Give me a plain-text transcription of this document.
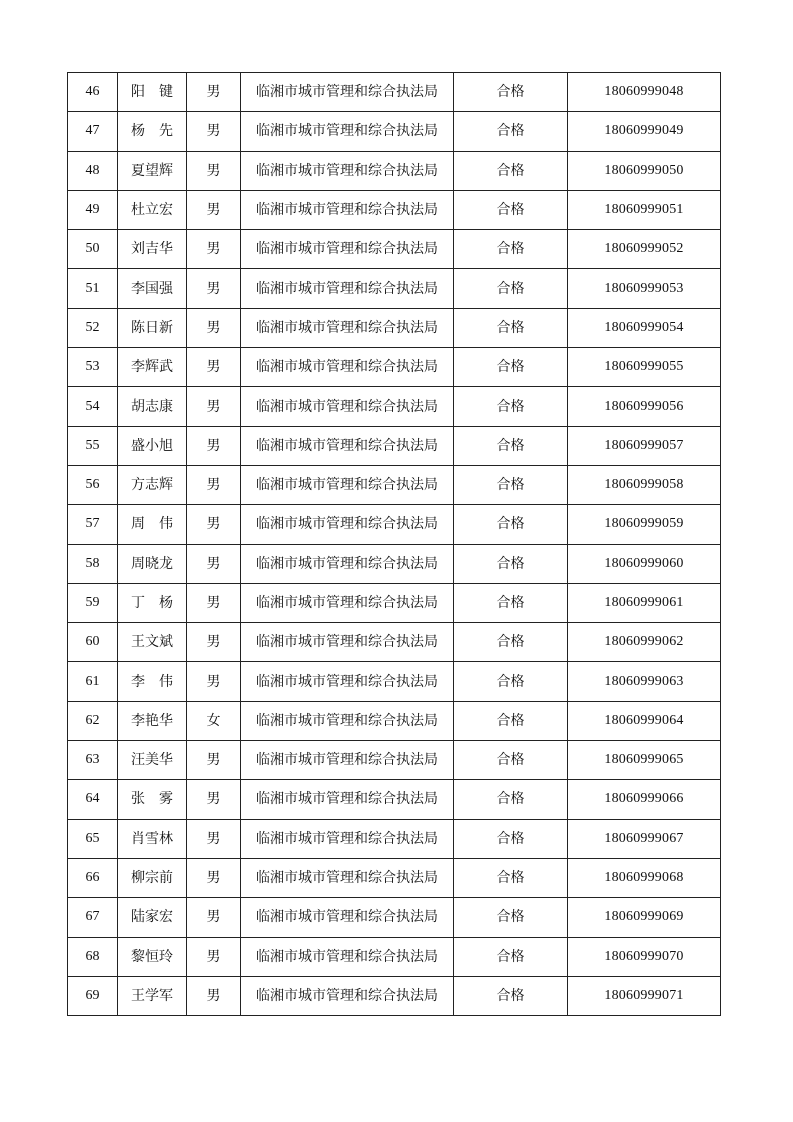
46	阳　键	男	临湘市城市管理和综合执法局	合格	18060999048
47	杨　先	男	临湘市城市管理和综合执法局	合格	18060999049
48	夏望辉	男	临湘市城市管理和综合执法局	合格	18060999050
49	杜立宏	男	临湘市城市管理和综合执法局	合格	18060999051
50	刘吉华	男	临湘市城市管理和综合执法局	合格	18060999052
51	李国强	男	临湘市城市管理和综合执法局	合格	18060999053
52	陈日新	男	临湘市城市管理和综合执法局	合格	18060999054
53	李辉武	男	临湘市城市管理和综合执法局	合格	18060999055
54	胡志康	男	临湘市城市管理和综合执法局	合格	18060999056
55	盛小旭	男	临湘市城市管理和综合执法局	合格	18060999057
56	方志辉	男	临湘市城市管理和综合执法局	合格	18060999058
57	周　伟	男	临湘市城市管理和综合执法局	合格	18060999059
58	周晓龙	男	临湘市城市管理和综合执法局	合格	18060999060
59	丁　杨	男	临湘市城市管理和综合执法局	合格	18060999061
60	王文斌	男	临湘市城市管理和综合执法局	合格	18060999062
61	李　伟	男	临湘市城市管理和综合执法局	合格	18060999063
62	李艳华	女	临湘市城市管理和综合执法局	合格	18060999064
63	汪美华	男	临湘市城市管理和综合执法局	合格	18060999065
64	张　雾	男	临湘市城市管理和综合执法局	合格	18060999066
65	肖雪林	男	临湘市城市管理和综合执法局	合格	18060999067
66	柳宗前	男	临湘市城市管理和综合执法局	合格	18060999068
67	陆家宏	男	临湘市城市管理和综合执法局	合格	18060999069
68	黎恒玲	男	临湘市城市管理和综合执法局	合格	18060999070
69	王学军	男	临湘市城市管理和综合执法局	合格	18060999071
